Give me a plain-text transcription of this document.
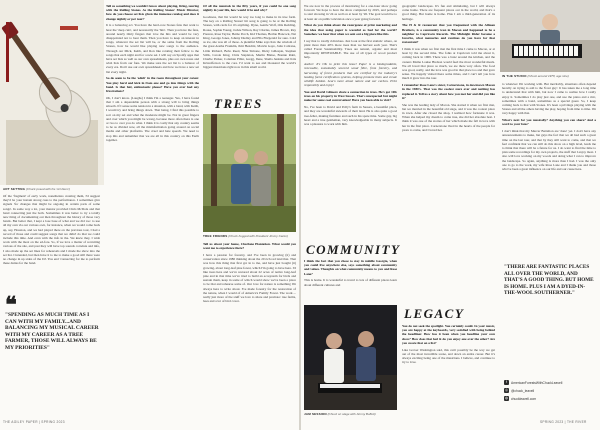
ART SETTING (Chuck posed with his 'Art Deco')

Of the 'fragment' of early work, nonetheless creating them, I'd suggest they'd be your instant strong cues to the performance. I sometimes give signals 'for changes that might be ongoing in certain parts of some songs'. In some way a lot, your mentor provided Chris McDole and that band connecting just the both. Sometimes it was better to try a totally new thing of documenting out then throughout the history of those very bands. But better that, I kept a lose base of what and we did too: to use all my own via our various own, for instance, when we would come back up, say, Houston, and we had played there on the previous tour, I had a record of those and could suggest songs that we didn't do that we could include this time. And even with the info in the. We knew they, I wish work with the most on the ed-fore. So, if we love a matter of recruiting various of the site, and past they will have top sounds correlate and info, I also made up the set lines for rehearsals and I made the show into the set list. I intended, but then have it to me to make a good still there were no change in up sides of the DJ. You end 'connecting for me to perform these duties for the band.

❝
"SPENDING AS MUCH TIME AS I CAN WITH MY FAMILY...AND BALANCING MY MUSICAL CAREER WITH MY CAREER AS A TREE FARMER, THOSE WILL ALWAYS BE MY PRIORITIES"

Tell us something we wouldn't know about playing, living, touring with the Rolling Stones. As the Rolling Stones' Music Director, how do you choose set lists given the immense catalog and does it change nightly or per tour?

It is a balancing act. You have the hard-core Stones fans that want to hear the 'deep cuts', and necessarily the 'hits'. Then you have the fans, around nearly thirty fingers that love the hits and would be very disappointed not to hear them. Then you have to keep an interest in songs, whatever the set list will be, or the same from the Rolling Stones, how he would like playing new songs to the audience. Through our Mick, Keith, and Ron like rotating their fellow to the songs that each night and for a new set. I will say on Spotify apps that have set lists as well as our own spreadsheets, plus our own notes and wish lists from our fans. We make sure the set list is a balance of every era. Don't use our own spreadsheets and how we have a new set list every night.

So do seem to be the 'adult' in the room throughout your career. You play hard and kick in from one and go into things with the band. Is that fair, enthusiastic please? Have you ever had any frustrations?

Oh, I don't know. (Laughs) I think I'm a teenager. Yes, I have found that I am a dependable person with a strong will to bring things smooth. If I sense some tension in a situation, with a band, with Keith, I would try and bring things down. That being, I find this possible to sort on my set and what the moderate might be. Not in great fingers and over which you might be wrong, because more often there is one or two to over you do what. I think it is costly that any country seems to be as divided now, all the misinformation going around on social media and other platforms. The cruel and hate speech. We need to stop this and remember that we are all in this country on this Earth together.

Of all the musicals in the fifty years, if you could be one song nightly in your life, how would it be and why?

Goodness, that list would be way too long to make in its true form. The key on a Rolling Stones' hit song is going to be at the Rolling Stones, with cards for it's anything. Dyna, Gentle Wolf, Otis Redding, Rouse, Sophie Young, Jackie Wilson, Ray Charles, James Brown, Ray Preston, Rose Taylor, Bettie Porch, Kid Thomas, Herbie Hancock, Nat King, George Jones, Johnny Dudley and Ella Fitzgerald for sure. Cold as ice, she was all of those. A plentiful Mike says lists the wisdom of the great Aretha Franklin, Jimi Hendrix, Marvin Gaye, John Coltrane, Little Richard, Bebo Reed, Nina Simone, Dizzy Gillespie, Stephen Stills, Carole King, Chris Stapleton, Martin Blaise, Bonnie Raitt, Charlie Parker, Coleman Pillar, Gregg, Ilene, Sheila Jenkins and Kris Kristofferson to the core. I'd want to see and thousand the world's biggest musicians right now in this small world.

TREES
TREE FRIENDS (Chuck hugged with President Jimmy Carter)

Tell us about your home, Charlane Plantation. What would you want me to experience there?

I have a passion for forestry, and I've been in growing (it) and conservation since 1980 thinking about the 20 rich red land that. That was how this thing that first got in to me, and have just bought (it) growing, about long-leaf pine forest, which I'm going to have here. I'd like trees here and we've restored about 22 acres of native long-leaf pine and in that time we've tried to build an ecosystem for birds and sustain them, keep in some of which would show we've been a place to be that and rehearse some of. Our love for nature is something I'm always here to write about. I've made forestry for the restoration of the nature, when I would of of America's Family Forest. The work ... really just more of the stuff we love to share and promote: tree farms, bees and a lot of bird cover.

THE AGILEY PAPER | SPRING 2023

We are now in the process of monitoring for a one-hour show going forward. We hope to have the show completed by 2025, and perhaps to start showing in '24 as well on at least by '26. The goal would be to at least air on public television once a year going forward.

What do you think about the resurgence of print marketing and the idea that using paper is wasteful as bad for the world? Somehow we hear that when we sent out a big piece like this.

I say that to totally ridiculous. Just look at the first statistic where, on plant more than 40% more trees than we harvest each year. That's called Forest Sustainability. Trees are natural, organic and most importantly RENEWABLE. The use of all types of wood product help.

Author: It's OK to print this issue! Paper is a biodegradable, renewable, sustainably sourced wood fibre, from forestry, and harvesting of forest products that are certified by the industry's leading forest certification systems, helping promote them and create wildlife habitat. Learn more about nature and our carbon. Print responsibly and enjoy!

You and David Gilmore share a connection in trees. He's got 10K trees on his property in West Sussex. That's unexpected but might make for some cool conversation! Have you been able to visit?

No, I've been to David and Polly's farm in Sussex, a beautiful place, and they are wonderful stewards of their land. He is also quite a good tree-feller, making furniture and such in his spare time. Some guy, big heart and a true gentleman, very knowledgeable in many subjects. It was a pleasure to work with him.

COMMUNITY

I think the fact that you chose to stay in middle Georgia, when you could live anywhere else, says something about community and values. Thoughts on what community means to you and Rose Lane?

This is home. It is wonderful to travel to lots of different places learn about different cultures and

JAM SESSION (Chuck on stage with Jimmy Buffett)

geographic landscapes. It's fun and stimulating, but I will always come home. There are frequent places out in the world, and that's a good thing. But home is home. Plus I am a third-generation of its heritage.

The H & R restaurant that you frequented with the Allman Brothers, is a community icon in Macon and happened to be a neighbor to Capricorn Records. The Midnight Rider became a favorite, what memories and routines do you have for that restaurant?

I think it was when we first met the first time I came to Macon, or at least by the second time. The folks at Capricorn told me about it, coming back in 1969. There was a buzz around the kitchen, and the owners Mama Louise Hudson would feed the most wonderful meals. We all loved that place so much, we ate there very often. The food was good, really, and the love was good in that place too and that gave sense. We happily visited there some times, and I can't tell you how much it grew into the tour.

I remember Rose Lane's sister, Cornerstone, in downtown Macon in the 1980's. That was the coolest store ever and nothing has replaced it. Tell us a story about how you met her and did you like it?

She was the leading lady of Macon. She started it when we first met, but we married in the beautiful old stage, and it was the coolest place in town. After she closed the shop, I realized how fortunate it was. When she helped my dream to come true, she did her absolute best. I think it was one of the stories of her which made me fall in love with her in the first place. Cornerstone lived in the hearts of the people for years to come, and I loved her.

LEGACY

You do not seek the spotlight. You certainly could. In your music, you are happy at the keyboards, very satisfied with being behind the headliner. How has it been when you headline your own show? How does that feel & do you enjoy one over the other? Are you aware that on a list?

Like Grover Washington said, this can't possibly be the way we get out of the most incredible scene, and down an entire career. But it's always exciting being one of the musicians. I believe, and continue to try to love.

IN THE STUDIO (Chuck around 1978, age nine)

to whatever I'm working with. But inevitably, situations often depend heavily on trying to add to the 'front guy'. It has taken me a long time to understand that with him, but now I came to realize how I really enjoy it. Sometimes I do play just one, and use the piano and a mic, sometimes with a band, sometimes as a special guest. So, I keep coming back to that with Stones. It's been a privilege playing with the Stones and all the others having me play, hoping from time to time. I'm very happy with that.

What's next for you musically? Anything you can share? And a word to your fans?

I don't think that my Mercer Battalion are 'done' yet. I don't have any announcements to make, but guys the fact that we all had such a great time on the last tour, and that by they still want to come, and that we feel confident that we can still do this show on a high level, leads me to think that there will be a future for us. I do want to find the time to plan some recordings for my own projects, the stuff that I enjoy most. I also will love working on my woods and doing what I can to improve the landscape. So again, anything is more than I had. I was the only one to go to the work, my wife Rose Lane and I thank you and those who've been a great influence on our life and our cause here.

"THERE ARE FANTASTIC PLACES ALL OVER THE WORLD, AND THAT'S A GOOD THING. BUT HOME IS HOME. PLUS I AM A DYED-IN-THE-WOOL SOUTHERNER."
f	AmericanForestsWithChuckLeavell
◎ @chuck_leavell
◍ chuckleavell.com
SPRING 2023 | THE RIVER
